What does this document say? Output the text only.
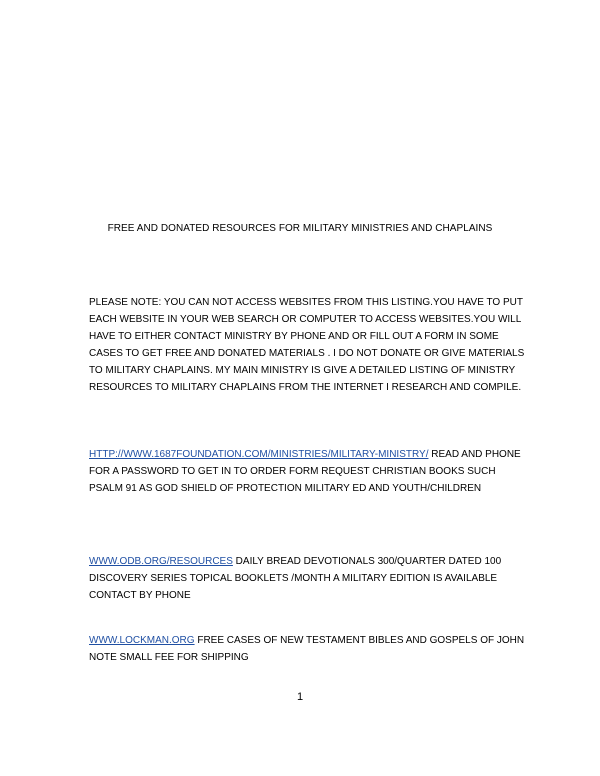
FREE AND DONATED RESOURCES FOR MILITARY MINISTRIES AND CHAPLAINS
PLEASE NOTE: YOU CAN NOT ACCESS WEBSITES FROM THIS LISTING.YOU HAVE TO PUT EACH WEBSITE IN YOUR WEB SEARCH OR COMPUTER TO ACCESS WEBSITES.YOU WILL HAVE TO EITHER CONTACT MINISTRY BY PHONE AND OR FILL OUT A FORM IN SOME CASES TO GET FREE AND DONATED MATERIALS . I DO NOT DONATE OR GIVE MATERIALS TO MILITARY CHAPLAINS. MY MAIN MINISTRY IS GIVE A DETAILED LISTING OF MINISTRY RESOURCES TO MILITARY CHAPLAINS FROM THE INTERNET I RESEARCH AND COMPILE.
HTTP://WWW.1687FOUNDATION.COM/MINISTRIES/MILITARY-MINISTRY/ READ AND PHONE FOR A PASSWORD TO GET IN TO ORDER FORM REQUEST CHRISTIAN BOOKS SUCH PSALM 91 AS GOD SHIELD OF PROTECTION MILITARY ED AND YOUTH/CHILDREN
WWW.ODB.ORG/RESOURCES DAILY BREAD DEVOTIONALS 300/QUARTER DATED 100 DISCOVERY SERIES TOPICAL BOOKLETS /MONTH A MILITARY EDITION IS AVAILABLE CONTACT BY PHONE
WWW.LOCKMAN.ORG FREE CASES OF NEW TESTAMENT BIBLES AND GOSPELS OF JOHN NOTE SMALL FEE FOR SHIPPING
1
